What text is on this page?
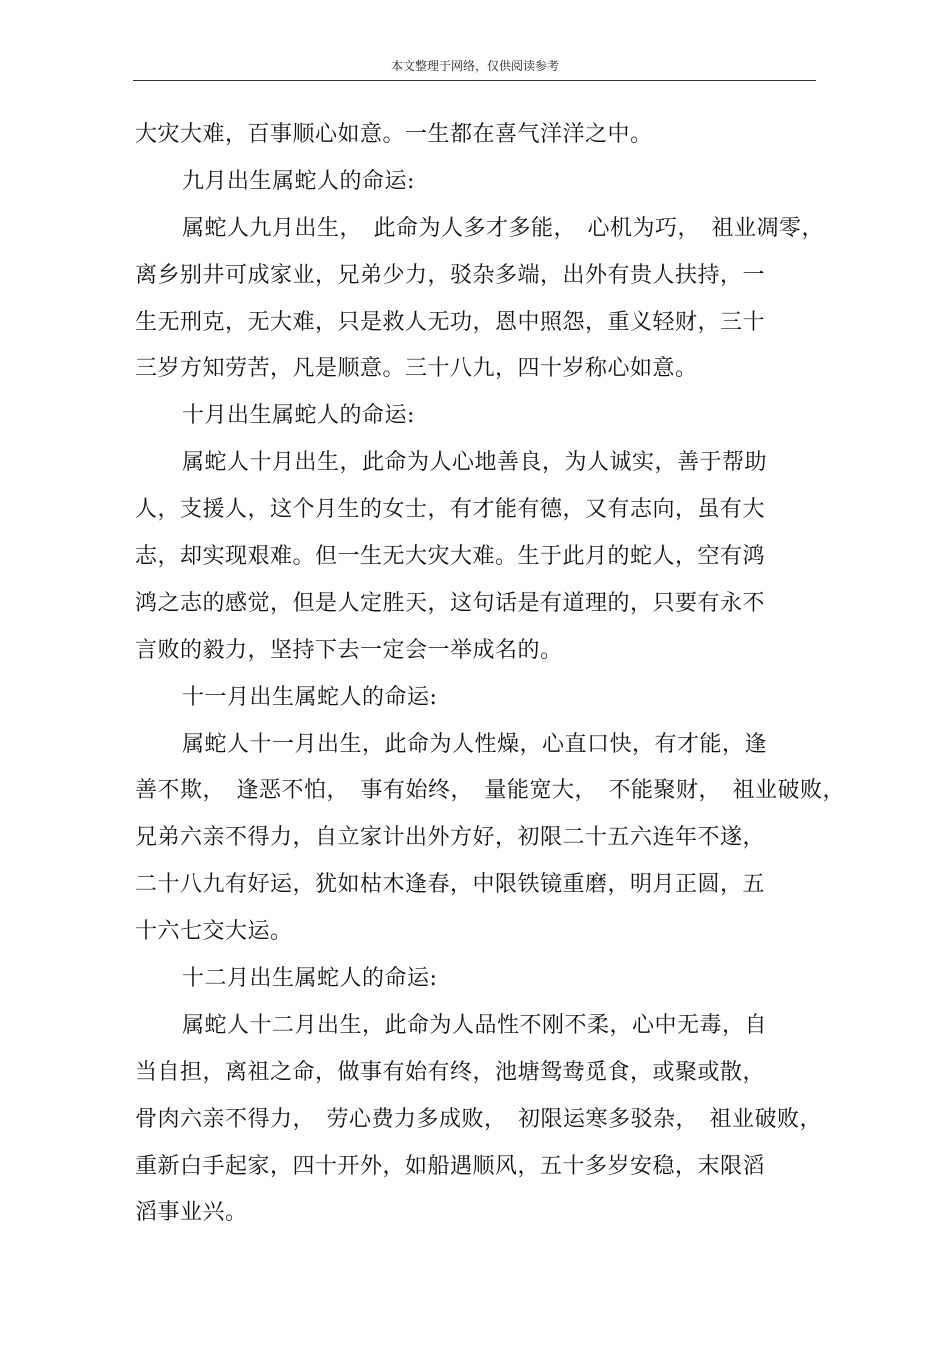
本文整理于网络，仅供阅读参考
大灾大难，百事顺心如意。一生都在喜气洋洋之中。
九月出生属蛇人的命运:
属蛇人九月出生，　此命为人多才多能，　心机为巧，　祖业凋零，
离乡别井可成家业，兄弟少力，驳杂多端，出外有贵人扶持，一
生无刑克，无大难，只是救人无功，恩中照怨，重义轻财，三十
三岁方知劳苦，凡是顺意。三十八九，四十岁称心如意。
十月出生属蛇人的命运:
属蛇人十月出生，此命为人心地善良，为人诚实，善于帮助
人，支援人，这个月生的女士，有才能有德，又有志向，虽有大
志，却实现艰难。但一生无大灾大难。生于此月的蛇人，空有鸿
鸿之志的感觉，但是人定胜天，这句话是有道理的，只要有永不
言败的毅力，坚持下去一定会一举成名的。
十一月出生属蛇人的命运:
属蛇人十一月出生，此命为人性燥，心直口快，有才能，逢
善不欺，　逢恶不怕，　事有始终，　量能宽大，　不能聚财，　祖业破败，
兄弟六亲不得力，自立家计出外方好，初限二十五六连年不遂，
二十八九有好运，犹如枯木逢春，中限铁镜重磨，明月正圆，五
十六七交大运。
十二月出生属蛇人的命运:
属蛇人十二月出生，此命为人品性不刚不柔，心中无毒，自
当自担，离祖之命，做事有始有终，池塘鸳鸯觅食，或聚或散，
骨肉六亲不得力，　劳心费力多成败，　初限运寒多驳杂，　祖业破败，
重新白手起家，四十开外，如船遇顺风，五十多岁安稳，末限滔
滔事业兴。
